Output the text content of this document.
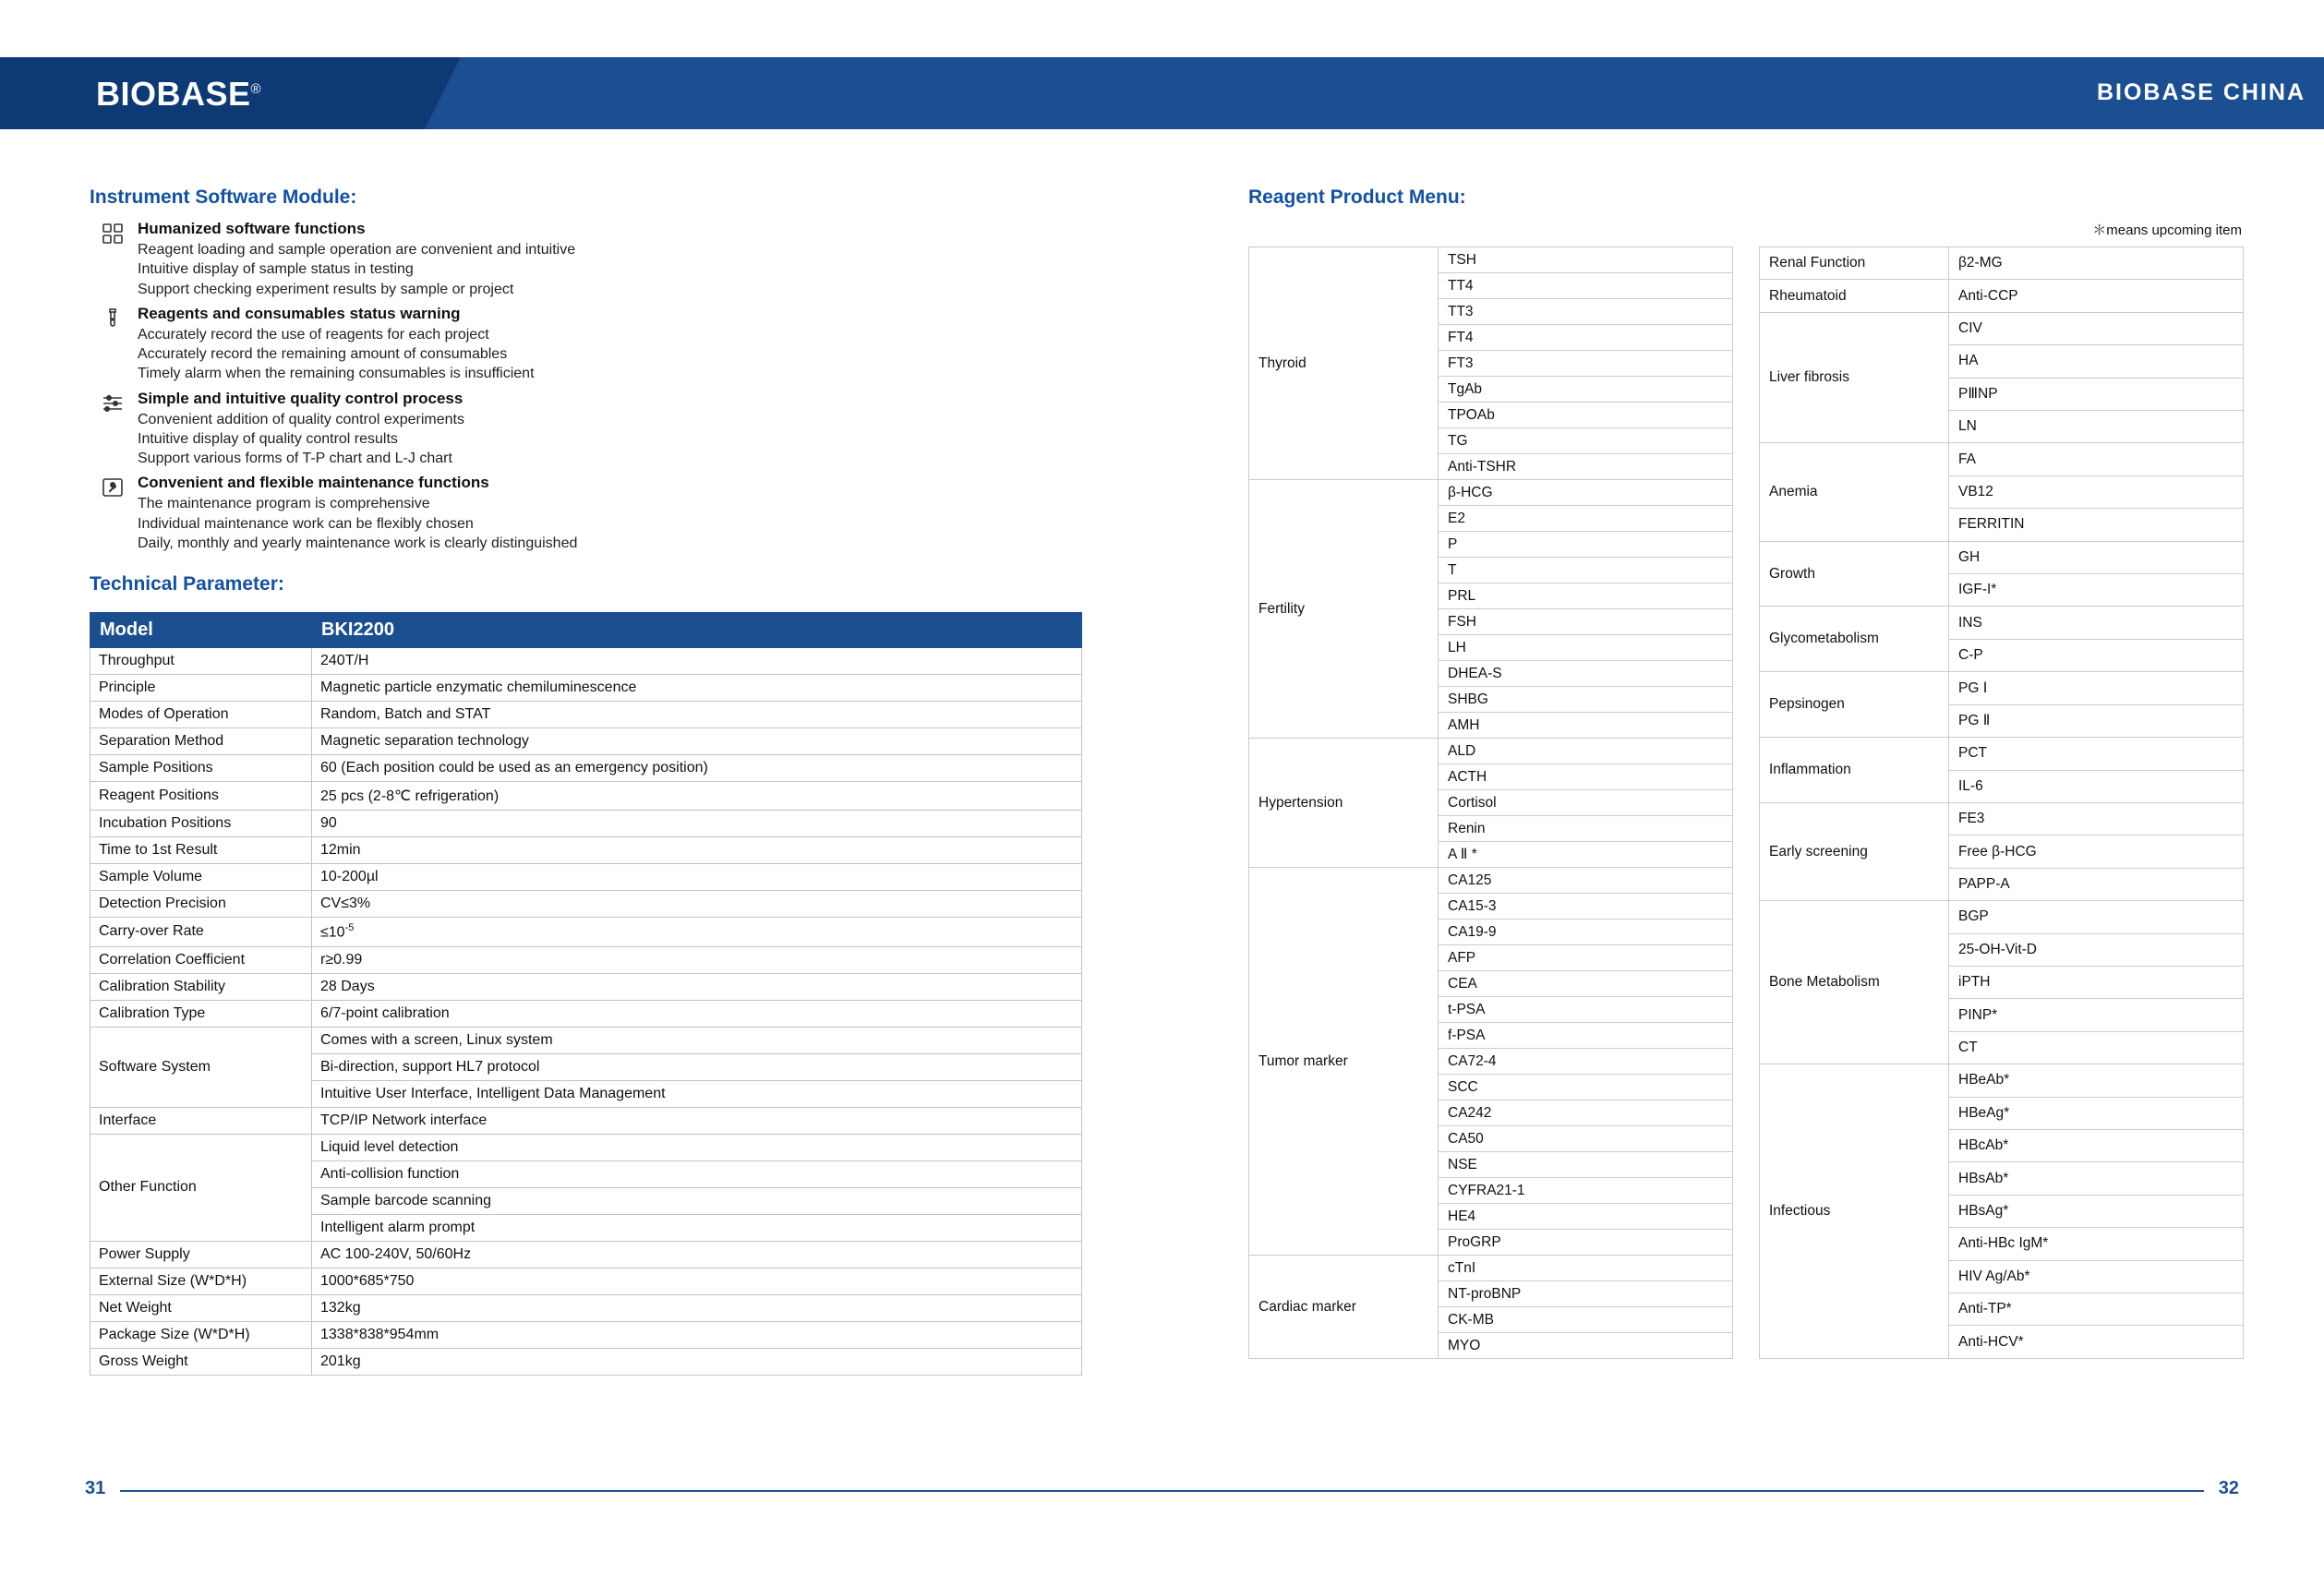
BIOBASE®	BIOBASE CHINA
Instrument Software Module:
Humanized software functions
Reagent loading and sample operation are convenient and intuitive
Intuitive display of sample status in testing
Support checking experiment results by sample or project
Reagents and consumables status warning
Accurately record the use of reagents for each project
Accurately record the remaining amount of consumables
Timely alarm when the remaining consumables is insufficient
Simple and intuitive quality control process
Convenient addition of quality control experiments
Intuitive display of quality control results
Support various forms of T-P chart and L-J chart
Convenient and flexible maintenance functions
The maintenance program is comprehensive
Individual maintenance work can be flexibly chosen
Daily, monthly and yearly maintenance work is clearly distinguished
Technical Parameter:
Model	BKI2200
Throughput	240T/H
Principle	Magnetic particle enzymatic chemiluminescence
Modes of Operation	Random, Batch and STAT
Separation Method	Magnetic separation technology
Sample Positions	60 (Each position could be used as an emergency position)
Reagent Positions	25 pcs (2-8℃ refrigeration)
Incubation Positions	90
Time to 1st Result	12min
Sample Volume	10-200µl
Detection Precision	CV≤3%
Carry-over Rate	$\le 10^{-5}$
Correlation Coefficient	r≥0.99
Calibration Stability	28 Days
Calibration Type	6/7-point calibration
Software System	Comes with a screen, Linux system
	Bi-direction, support HL7 protocol
	Intuitive User Interface, Intelligent Data Management
Interface	TCP/IP Network interface
Other Function	Liquid level detection
	Anti-collision function
	Sample barcode scanning
	Intelligent alarm prompt
Power Supply	AC 100-240V, 50/60Hz
External Size (W*D*H)	1000*685*750
Net Weight	132kg
Package Size (W*D*H)	1338*838*954mm
Gross Weight	201kg
Reagent Product Menu:
＊means upcoming item
Thyroid	TSH
	TT4
	TT3
	FT4
	FT3
	TgAb
	TPOAb
	TG
	Anti-TSHR
Fertility	β-HCG
	E2
	P
	T
	PRL
	FSH
	LH
	DHEA-S
	SHBG
	AMH
Hypertension	ALD
	ACTH
	Cortisol
	Renin
	A Ⅱ *
Tumor marker	CA125
	CA15-3
	CA19-9
	AFP
	CEA
	t-PSA
	f-PSA
	CA72-4
	SCC
	CA242
	CA50
	NSE
	CYFRA21-1
	HE4
	ProGRP
Cardiac marker	cTnI
	NT-proBNP
	CK-MB
	MYO
Renal Function	β2-MG
Rheumatoid	Anti-CCP
Liver fibrosis	CIV
	HA
	PⅢNP
	LN
Anemia	FA
	VB12
	FERRITIN
Growth	GH
	IGF-I*
Glycometabolism	INS
	C-P
Pepsinogen	PG Ⅰ
	PG Ⅱ
Inflammation	PCT
	IL-6
Early screening	FE3
	Free β-HCG
	PAPP-A
Bone Metabolism	BGP
	25-OH-Vit-D
	iPTH
	PINP*
	CT
Infectious	HBeAb*
	HBeAg*
	HBcAb*
	HBsAb*
	HBsAg*
	Anti-HBc IgM*
	HIV Ag/Ab*
	Anti-TP*
	Anti-HCV*
31	32
